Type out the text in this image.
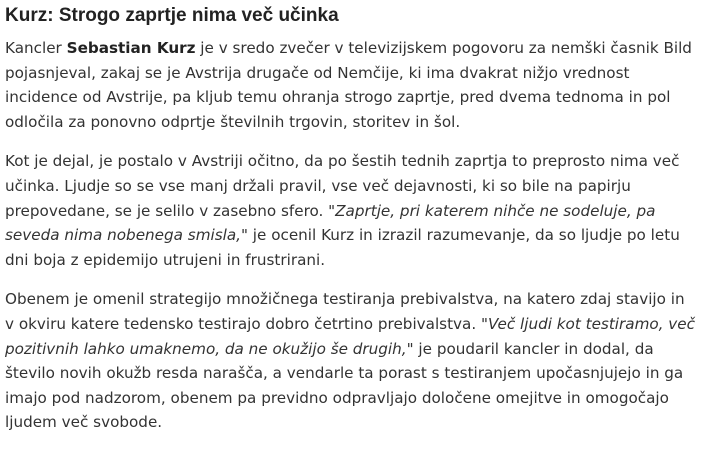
Kurz: Strogo zaprtje nima več učinka

Kancler Sebastian Kurz je v sredo zvečer v televizijskem pogovoru za nemški časnik Bild pojasnjeval, zakaj se je Avstrija drugače od Nemčije, ki ima dvakrat nižjo vrednost incidence od Avstrije, pa kljub temu ohranja strogo zaprtje, pred dvema tednoma in pol odločila za ponovno odprtje številnih trgovin, storitev in šol.

Kot je dejal, je postalo v Avstriji očitno, da po šestih tednih zaprtja to preprosto nima več učinka. Ljudje so se vse manj držali pravil, vse več dejavnosti, ki so bile na papirju prepovedane, se je selilo v zasebno sfero. "Zaprtje, pri katerem nihče ne sodeluje, pa seveda nima nobenega smisla," je ocenil Kurz in izrazil razumevanje, da so ljudje po letu dni boja z epidemijo utrujeni in frustrirani.

Obenem je omenil strategijo množičnega testiranja prebivalstva, na katero zdaj stavijo in v okviru katere tedensko testirajo dobro četrtino prebivalstva. "Več ljudi kot testiramo, več pozitivnih lahko umaknemo, da ne okužijo še drugih," je poudaril kancler in dodal, da število novih okužb resda narašča, a vendarle ta porast s testiranjem upočasnjujejo in ga imajo pod nadzorom, obenem pa previdno odpravljajo določene omejitve in omogočajo ljudem več svobode.
